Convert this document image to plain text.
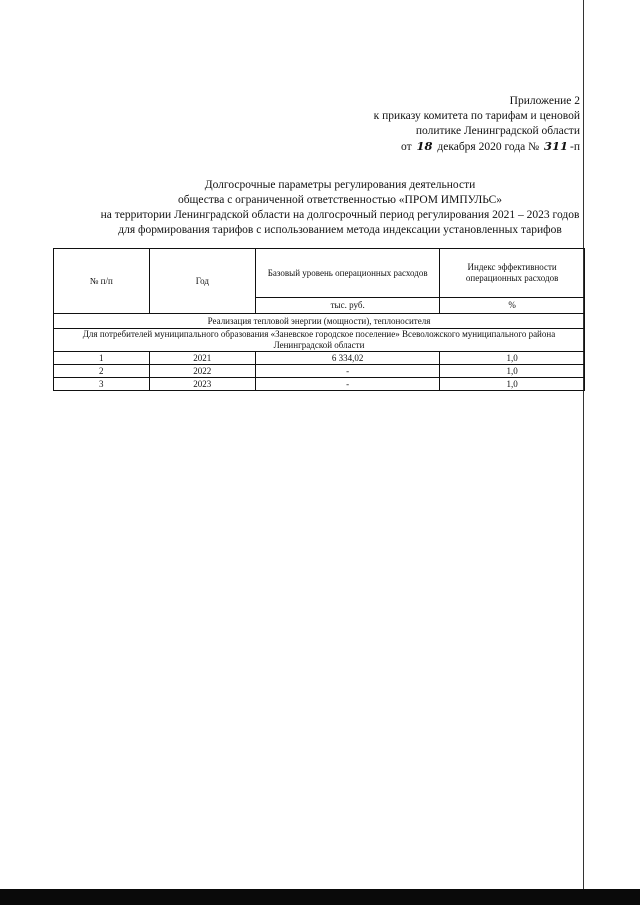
Приложение 2
к приказу комитета по тарифам и ценовой
политике Ленинградской области
от 18 декабря 2020 года № 311 -п
Долгосрочные параметры регулирования деятельности
общества с ограниченной ответственностью «ПРОМ ИМПУЛЬС»
на территории Ленинградской области на долгосрочный период регулирования 2021 – 2023 годов
для формирования тарифов с использованием метода индексации установленных тарифов
№ п/п	Год	Базовый уровень операционных расходов	Индекс эффективности операционных расходов
		тыс. руб.	%
Реализация тепловой энергии (мощности), теплоносителя			
Для потребителей муниципального образования «Заневское городское поселение» Всеволожского муниципального района Ленинградской области			
1	2021	6 334,02	1,0
2	2022	-	1,0
3	2023	-	1,0
